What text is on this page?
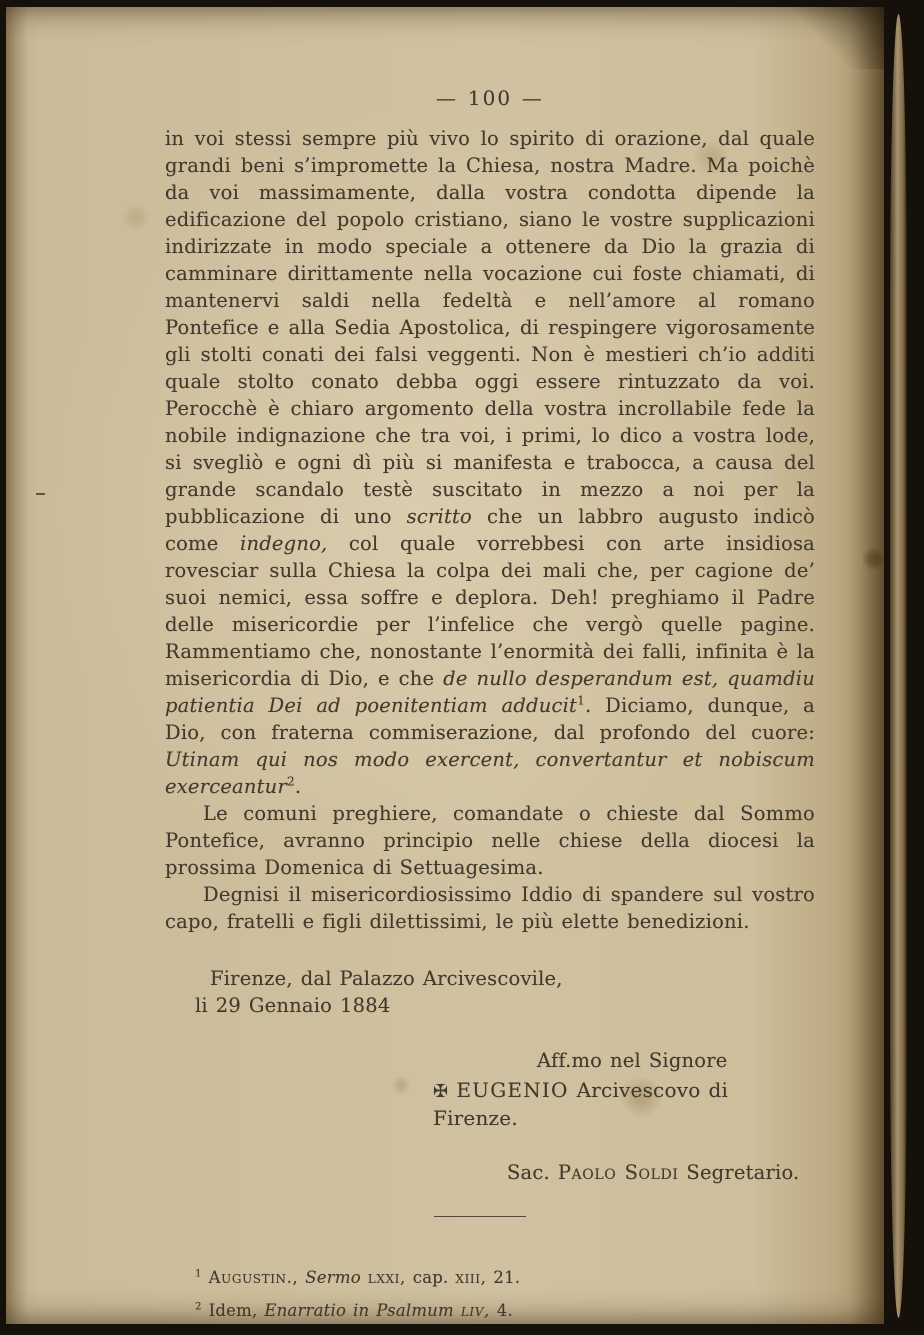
— 100 —

in voi stessi sempre più vivo lo spirito di orazione, dal quale grandi beni s’impromette la Chiesa, nostra Madre. Ma poichè da voi massimamente, dalla vostra condotta dipende la edificazione del popolo cristiano, siano le vostre supplicazioni indirizzate in modo speciale a ottenere da Dio la grazia di camminare dirittamente nella vocazione cui foste chiamati, di mantenervi saldi nella fedeltà e nell’amore al romano Pontefice e alla Sedia Apostolica, di respingere vigorosamente gli stolti conati dei falsi veggenti. Non è mestieri ch’io additi quale stolto conato debba oggi essere rintuzzato da voi. Perocchè è chiaro argomento della vostra incrollabile fede la nobile indignazione che tra voi, i primi, lo dico a vostra lode, si svegliò e ogni dì più si manifesta e trabocca, a causa del grande scandalo testè suscitato in mezzo a noi per la pubblicazione di uno scritto che un labbro augusto indicò come indegno, col quale vorrebbesi con arte insidiosa rovesciar sulla Chiesa la colpa dei mali che, per cagione de’ suoi nemici, essa soffre e deplora. Deh! preghiamo il Padre delle misericordie per l’infelice che vergò quelle pagine. Rammentiamo che, nonostante l’enormità dei falli, infinita è la misericordia di Dio, e che de nullo desperandum est, quamdiu patientia Dei ad poenitentiam adducit$^1$. Diciamo, dunque, a Dio, con fraterna commiserazione, dal profondo del cuore: Utinam qui nos modo exercent, convertantur et nobiscum exerceantur$^2$.

Le comuni preghiere, comandate o chieste dal Sommo Pontefice, avranno principio nelle chiese della diocesi la prossima Domenica di Settuagesima.

Degnisi il misericordiosissimo Iddio di spandere sul vostro capo, fratelli e figli dilettissimi, le più elette benedizioni.

Firenze, dal Palazzo Arcivescovile,
li 29 Gennaio 1884
Aff.mo nel Signore
✠ EUGENIO Arcivescovo di Firenze.
Sac. Paolo Soldi Segretario.
$^1$ Augustin., Sermo lxxi, cap. xiii, 21.
$^2$ Idem, Enarratio in Psalmum liv, 4.
